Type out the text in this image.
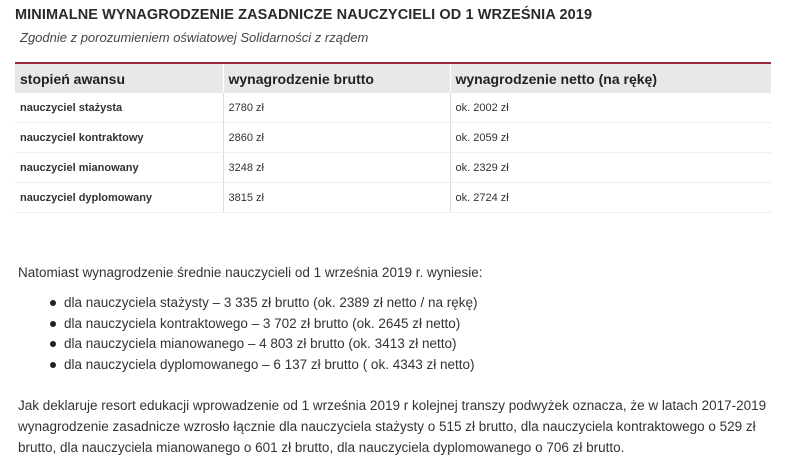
MINIMALNE WYNAGRODZENIE ZASADNICZE NAUCZYCIELI OD 1 WRZEŚNIA 2019
Zgodnie z porozumieniem oświatowej Solidarności z rządem
stopień awansu	wynagrodzenie brutto	wynagrodzenie netto (na rękę)
nauczyciel stażysta	2780 zł	ok. 2002 zł
nauczyciel kontraktowy	2860 zł	ok. 2059 zł
nauczyciel mianowany	3248 zł	ok. 2329 zł
nauczyciel dyplomowany	3815 zł	ok. 2724 zł
Natomiast wynagrodzenie średnie nauczycieli od 1 września 2019 r. wyniesie:
dla nauczyciela stażysty – 3 335 zł brutto (ok. 2389 zł netto / na rękę)
dla nauczyciela kontraktowego – 3 702 zł brutto (ok. 2645 zł netto)
dla nauczyciela mianowanego – 4 803 zł brutto (ok. 3413 zł netto)
dla nauczyciela dyplomowanego – 6 137 zł brutto ( ok. 4343 zł netto)
Jak deklaruje resort edukacji wprowadzenie od 1 września 2019 r kolejnej transzy podwyżek oznacza, że w latach 2017-2019 wynagrodzenie zasadnicze wzrosło łącznie dla nauczyciela stażysty o 515 zł brutto, dla nauczyciela kontraktowego o 529 zł brutto, dla nauczyciela mianowanego o 601 zł brutto, dla nauczyciela dyplomowanego o 706 zł brutto.
